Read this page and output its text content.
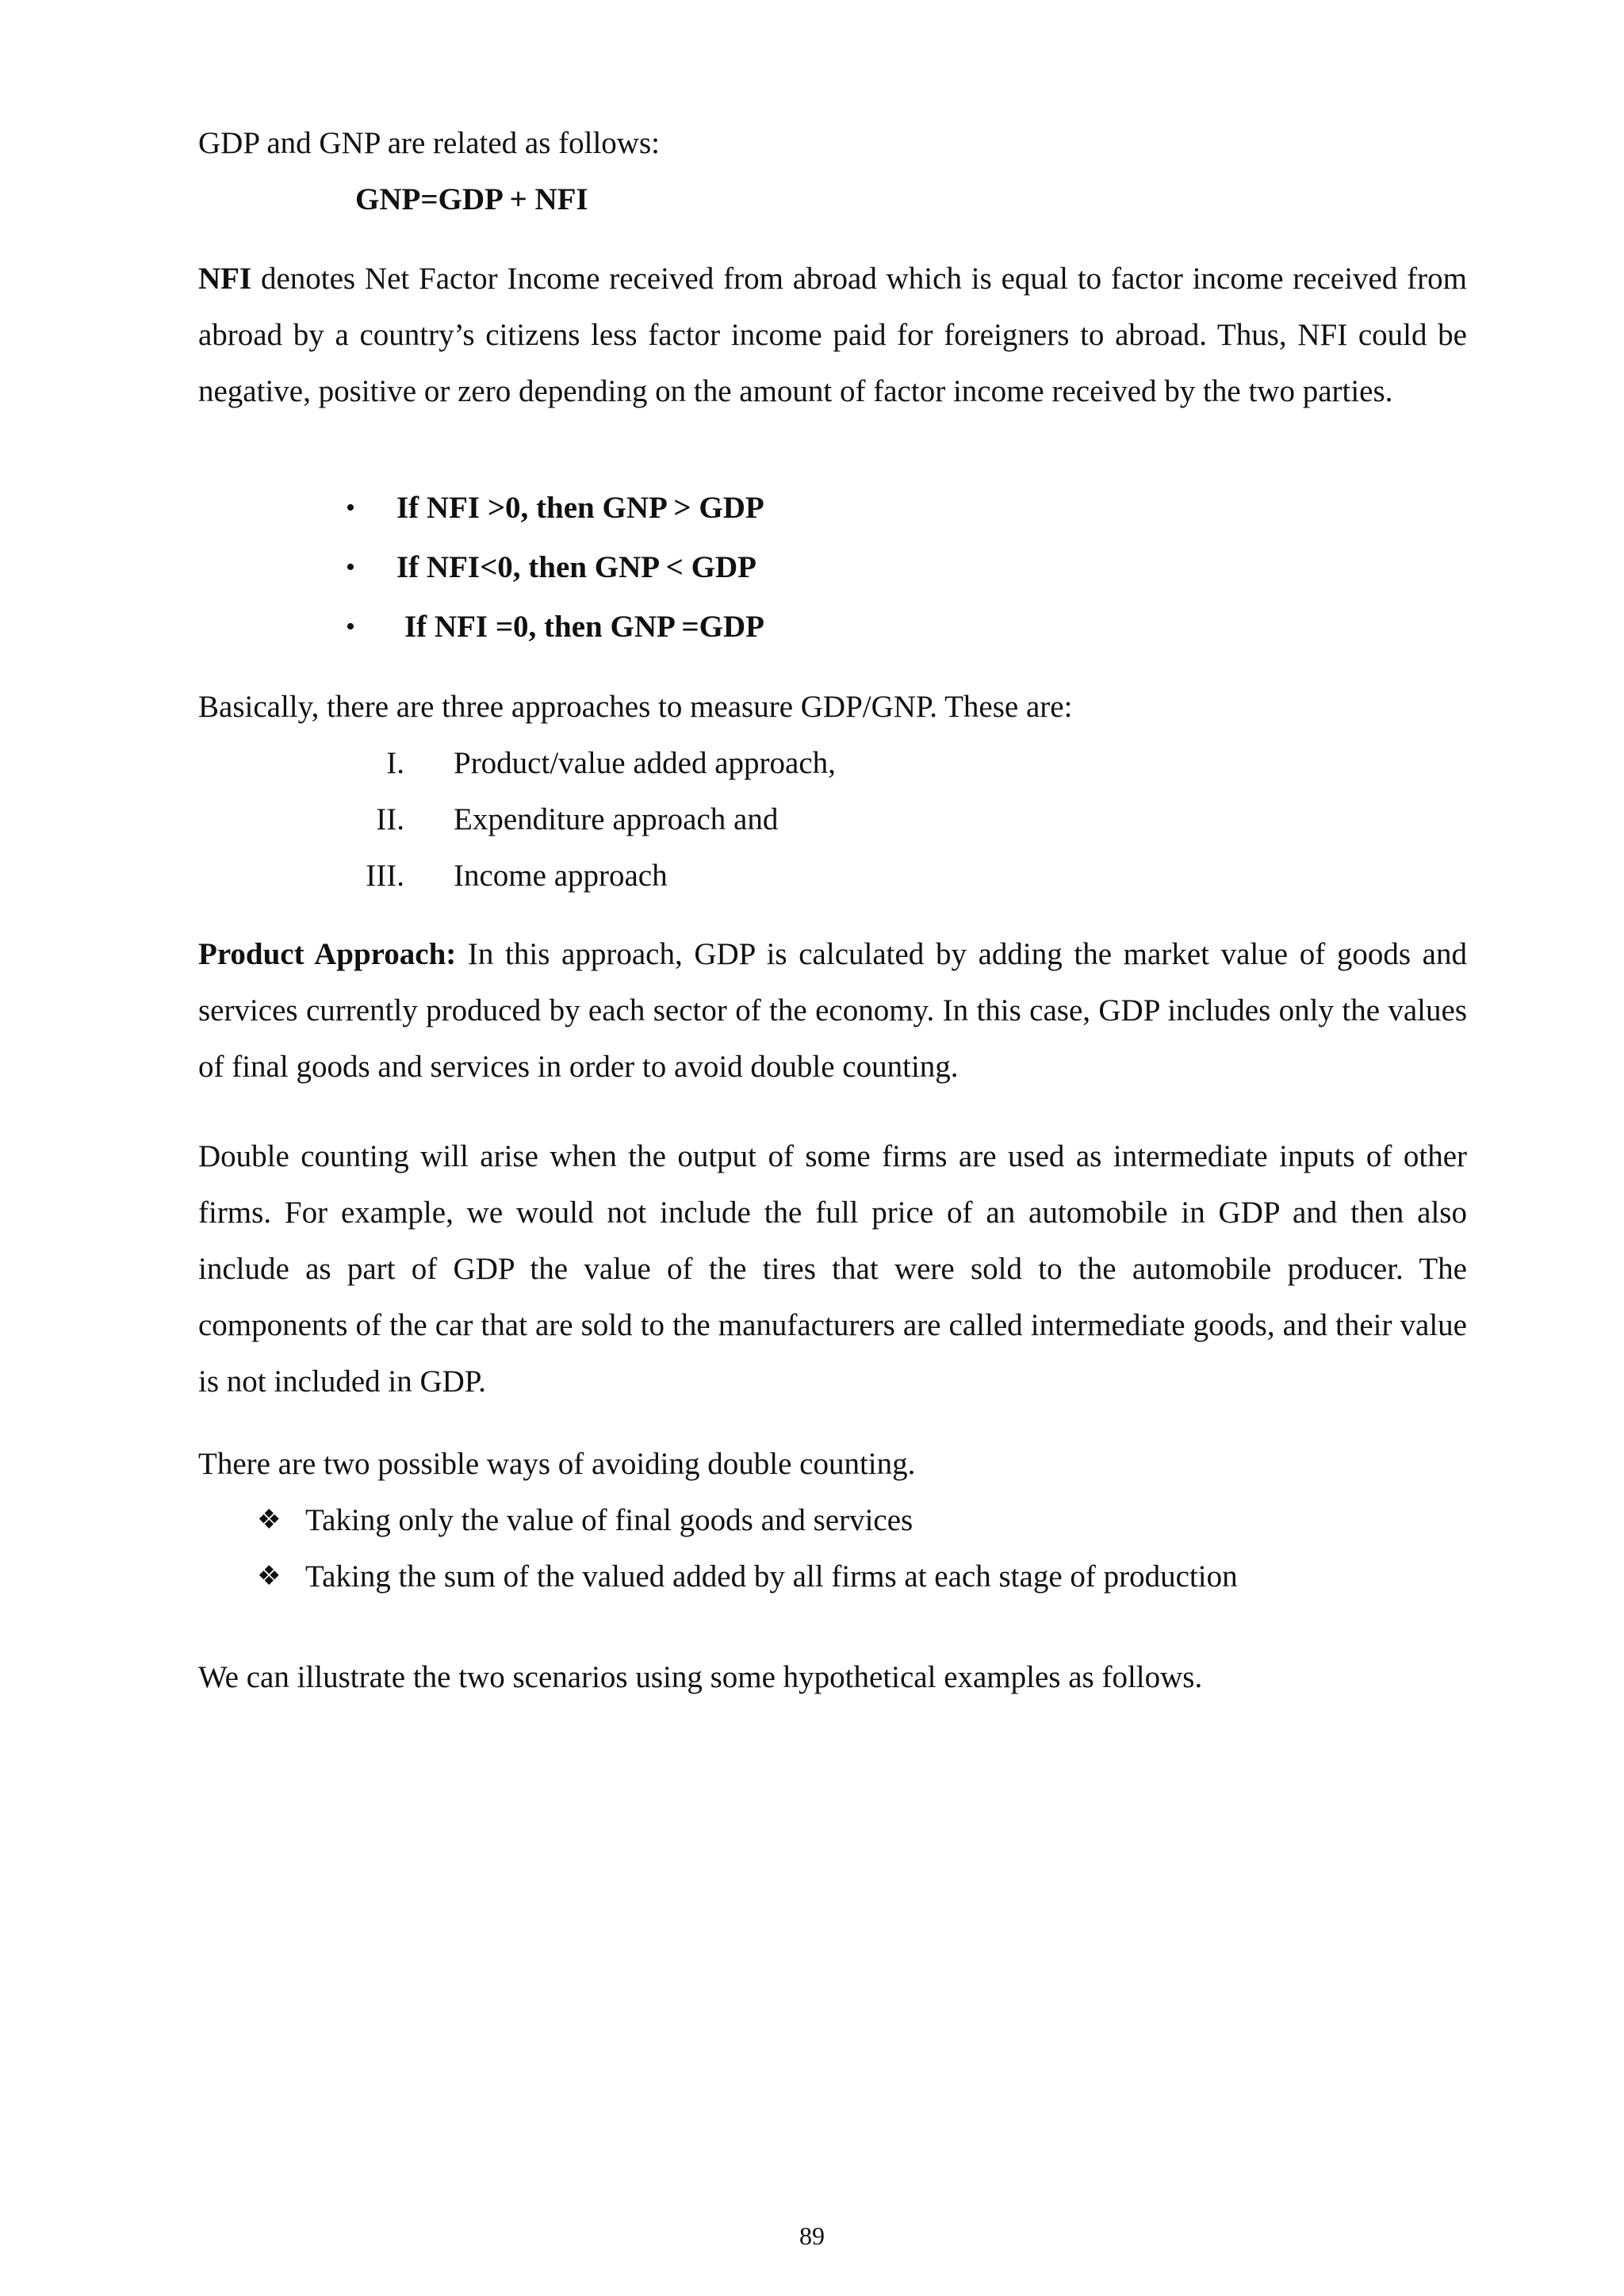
GDP and GNP are related as follows:
GNP=GDP + NFI
NFI denotes Net Factor Income received from abroad which is equal to factor income received from abroad by a country’s citizens less factor income paid for foreigners to abroad. Thus, NFI could be negative, positive or zero depending on the amount of factor income received by the two parties.
• If NFI >0, then GNP > GDP
• If NFI<0, then GNP < GDP
• If NFI =0, then GNP =GDP
Basically, there are three approaches to measure GDP/GNP. These are:
I. Product/value added approach,
II. Expenditure approach and
III. Income approach
Product Approach: In this approach, GDP is calculated by adding the market value of goods and services currently produced by each sector of the economy. In this case, GDP includes only the values of final goods and services in order to avoid double counting.
Double counting will arise when the output of some firms are used as intermediate inputs of other firms. For example, we would not include the full price of an automobile in GDP and then also include as part of GDP the value of the tires that were sold to the automobile producer. The components of the car that are sold to the manufacturers are called intermediate goods, and their value is not included in GDP.
There are two possible ways of avoiding double counting.
❖ Taking only the value of final goods and services
❖ Taking the sum of the valued added by all firms at each stage of production
We can illustrate the two scenarios using some hypothetical examples as follows.
89
